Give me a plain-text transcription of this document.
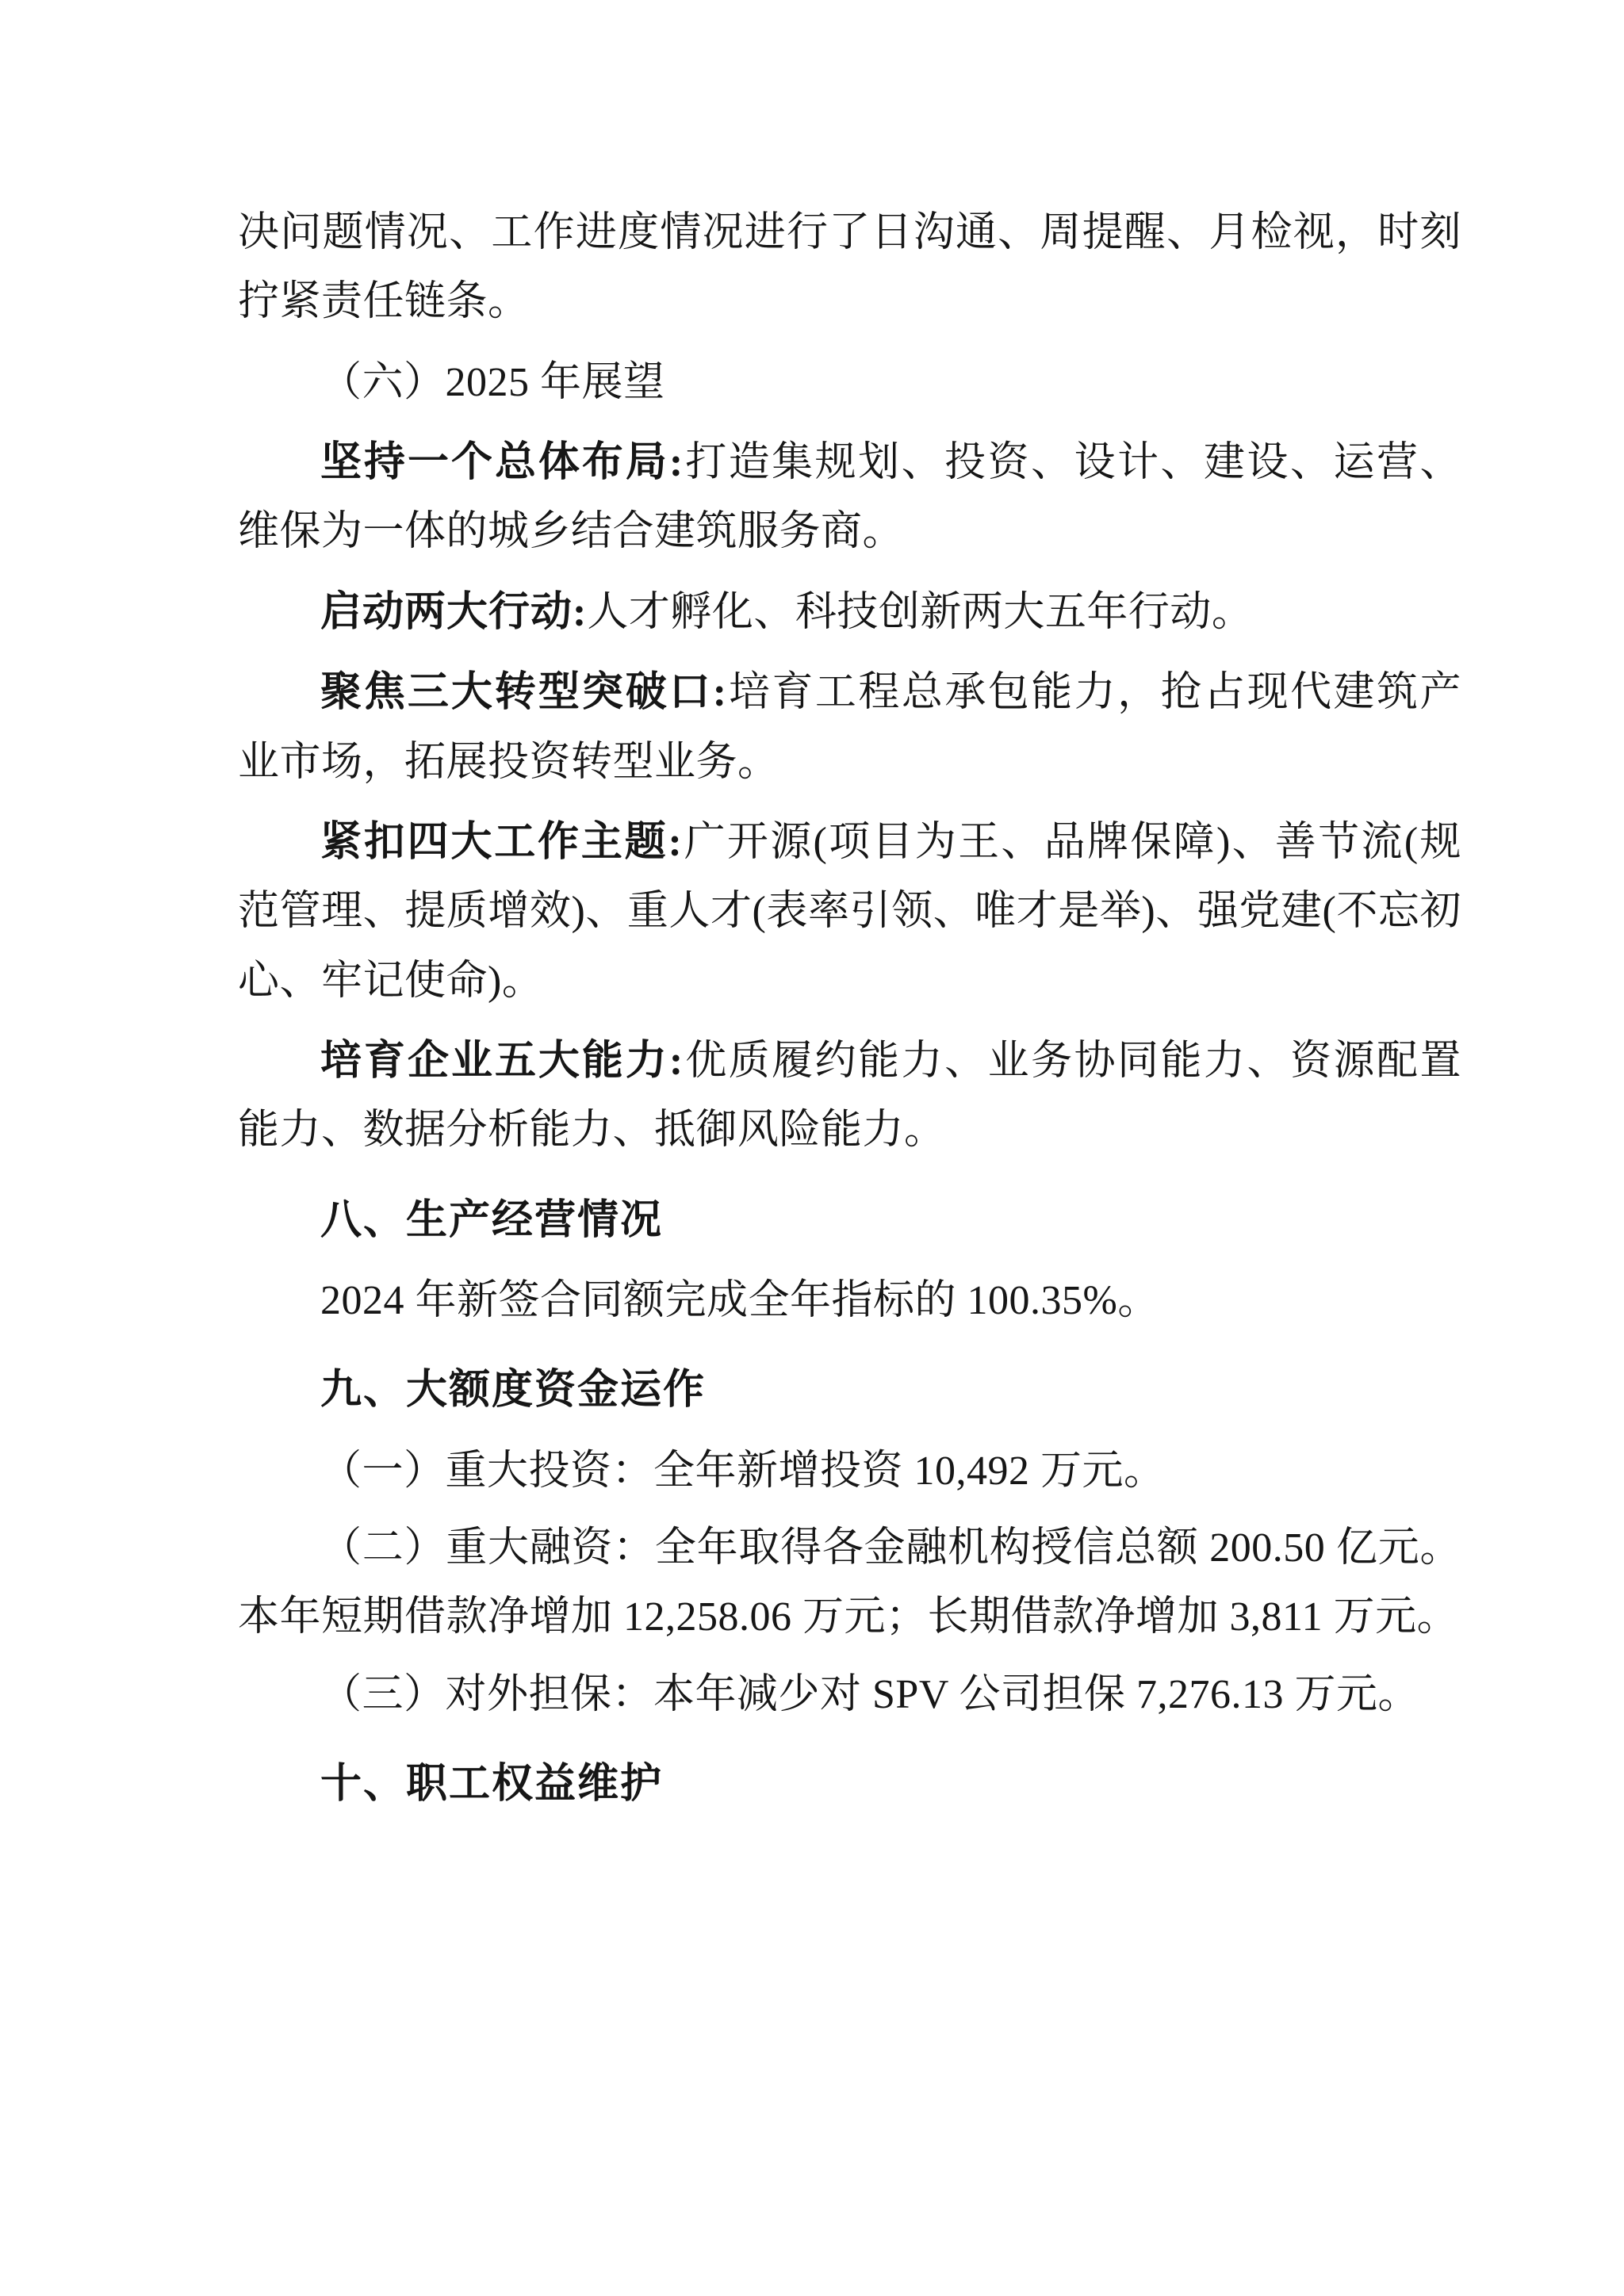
决问题情况、工作进度情况进行了日沟通、周提醒、月检视，时刻拧紧责任链条。

（六）2025 年展望

坚持一个总体布局:打造集规划、投资、设计、建设、运营、维保为一体的城乡结合建筑服务商。

启动两大行动:人才孵化、科技创新两大五年行动。

聚焦三大转型突破口:培育工程总承包能力，抢占现代建筑产业市场，拓展投资转型业务。

紧扣四大工作主题:广开源(项目为王、品牌保障)、善节流(规范管理、提质增效)、重人才(表率引领、唯才是举)、强党建(不忘初心、牢记使命)。

培育企业五大能力:优质履约能力、业务协同能力、资源配置能力、数据分析能力、抵御风险能力。

八、生产经营情况

2024 年新签合同额完成全年指标的 100.35%。

九、大额度资金运作

（一）重大投资：全年新增投资 10,492 万元。

（二）重大融资：全年取得各金融机构授信总额 200.50 亿元。本年短期借款净增加 12,258.06 万元；长期借款净增加 3,811 万元。

（三）对外担保：本年减少对 SPV 公司担保 7,276.13 万元。

十、职工权益维护
